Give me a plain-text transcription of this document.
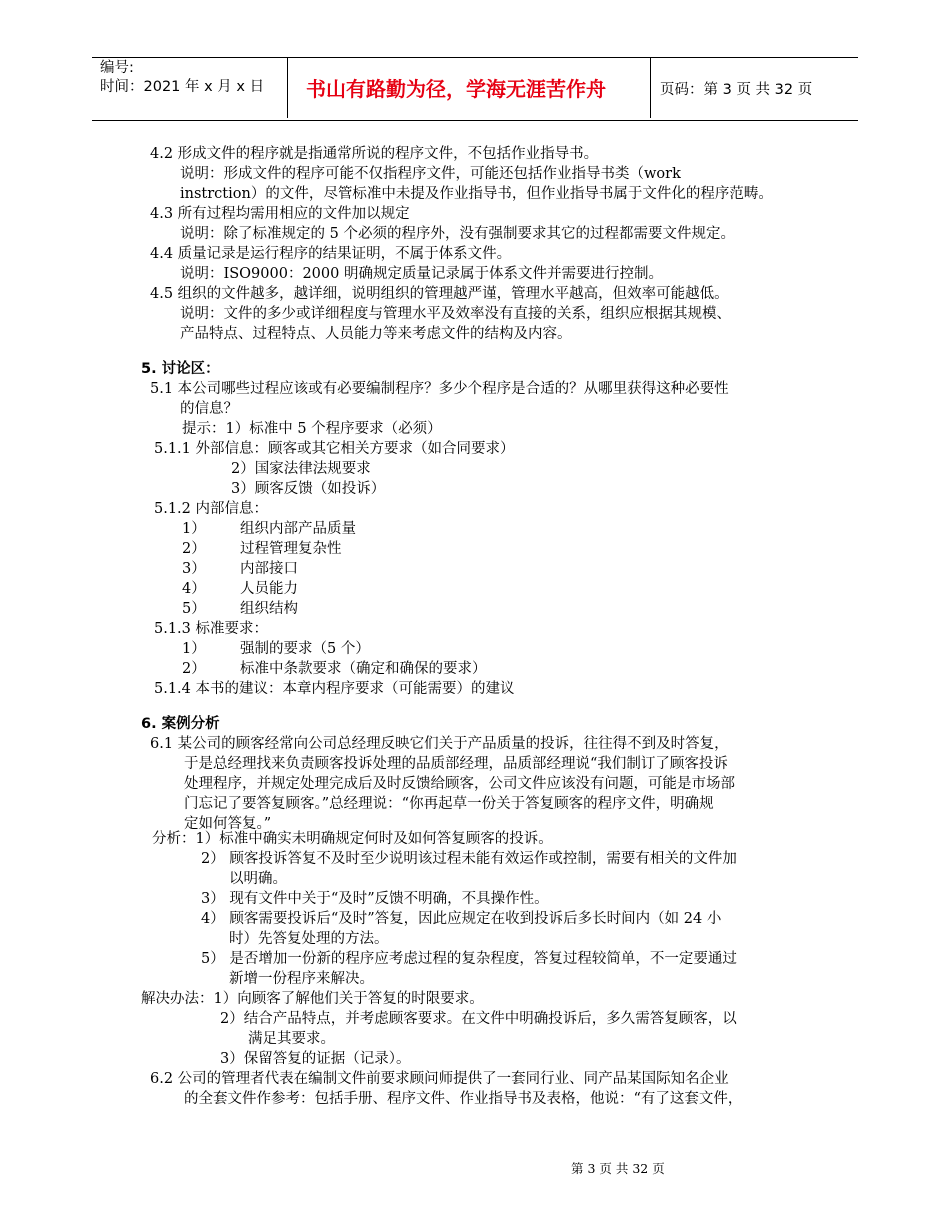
编号:
时间：2021 年 x 月 x 日 书山有路勤为径，学海无涯苦作舟	页码：第 3 页 共 32 页
4.2 形成文件的程序就是指通常所说的程序文件，不包括作业指导书。
说明：形成文件的程序可能不仅指程序文件，可能还包括作业指导书类（work
instrction）的文件，尽管标准中未提及作业指导书，但作业指导书属于文件化的程序范畴。
4.3 所有过程均需用相应的文件加以规定
说明：除了标准规定的 5 个必须的程序外，没有强制要求其它的过程都需要文件规定。
4.4 质量记录是运行程序的结果证明，不属于体系文件。
说明：ISO9000：2000 明确规定质量记录属于体系文件并需要进行控制。
4.5 组织的文件越多，越详细，说明组织的管理越严谨，管理水平越高，但效率可能越低。
说明：文件的多少或详细程度与管理水平及效率没有直接的关系，组织应根据其规模、
产品特点、过程特点、人员能力等来考虑文件的结构及内容。
5. 讨论区：
5.1 本公司哪些过程应该或有必要编制程序？多少个程序是合适的？从哪里获得这种必要性
的信息？
提示：1）标准中 5 个程序要求（必须）
5.1.1 外部信息：顾客或其它相关方要求（如合同要求）
2）国家法律法规要求
3）顾客反馈（如投诉）
5.1.2 内部信息：
1） 组织内部产品质量
2） 过程管理复杂性
3） 内部接口
4） 人员能力
5） 组织结构
5.1.3 标准要求：
1） 强制的要求（5 个）
2） 标准中条款要求（确定和确保的要求）
5.1.4 本书的建议：本章内程序要求（可能需要）的建议
6. 案例分析
6.1 某公司的顾客经常向公司总经理反映它们关于产品质量的投诉，往往得不到及时答复，
于是总经理找来负责顾客投诉处理的品质部经理，品质部经理说“我们制订了顾客投诉
处理程序，并规定处理完成后及时反馈给顾客，公司文件应该没有问题，可能是市场部
门忘记了要答复顾客。”总经理说：“你再起草一份关于答复顾客的程序文件，明确规
定如何答复。”
分析：1）标准中确实未明确规定何时及如何答复顾客的投诉。
2） 顾客投诉答复不及时至少说明该过程未能有效运作或控制，需要有相关的文件加
以明确。
3） 现有文件中关于“及时”反馈不明确，不具操作性。
4） 顾客需要投诉后“及时”答复，因此应规定在收到投诉后多长时间内（如 24 小
时）先答复处理的方法。
5） 是否增加一份新的程序应考虑过程的复杂程度，答复过程较简单，不一定要通过
新增一份程序来解决。
解决办法：1）向顾客了解他们关于答复的时限要求。
2）结合产品特点，并考虑顾客要求。在文件中明确投诉后，多久需答复顾客，以
满足其要求。
3）保留答复的证据（记录）。
6.2 公司的管理者代表在编制文件前要求顾问师提供了一套同行业、同产品某国际知名企业
的全套文件作参考：包括手册、程序文件、作业指导书及表格，他说：“有了这套文件，
第 3 页 共 32 页
